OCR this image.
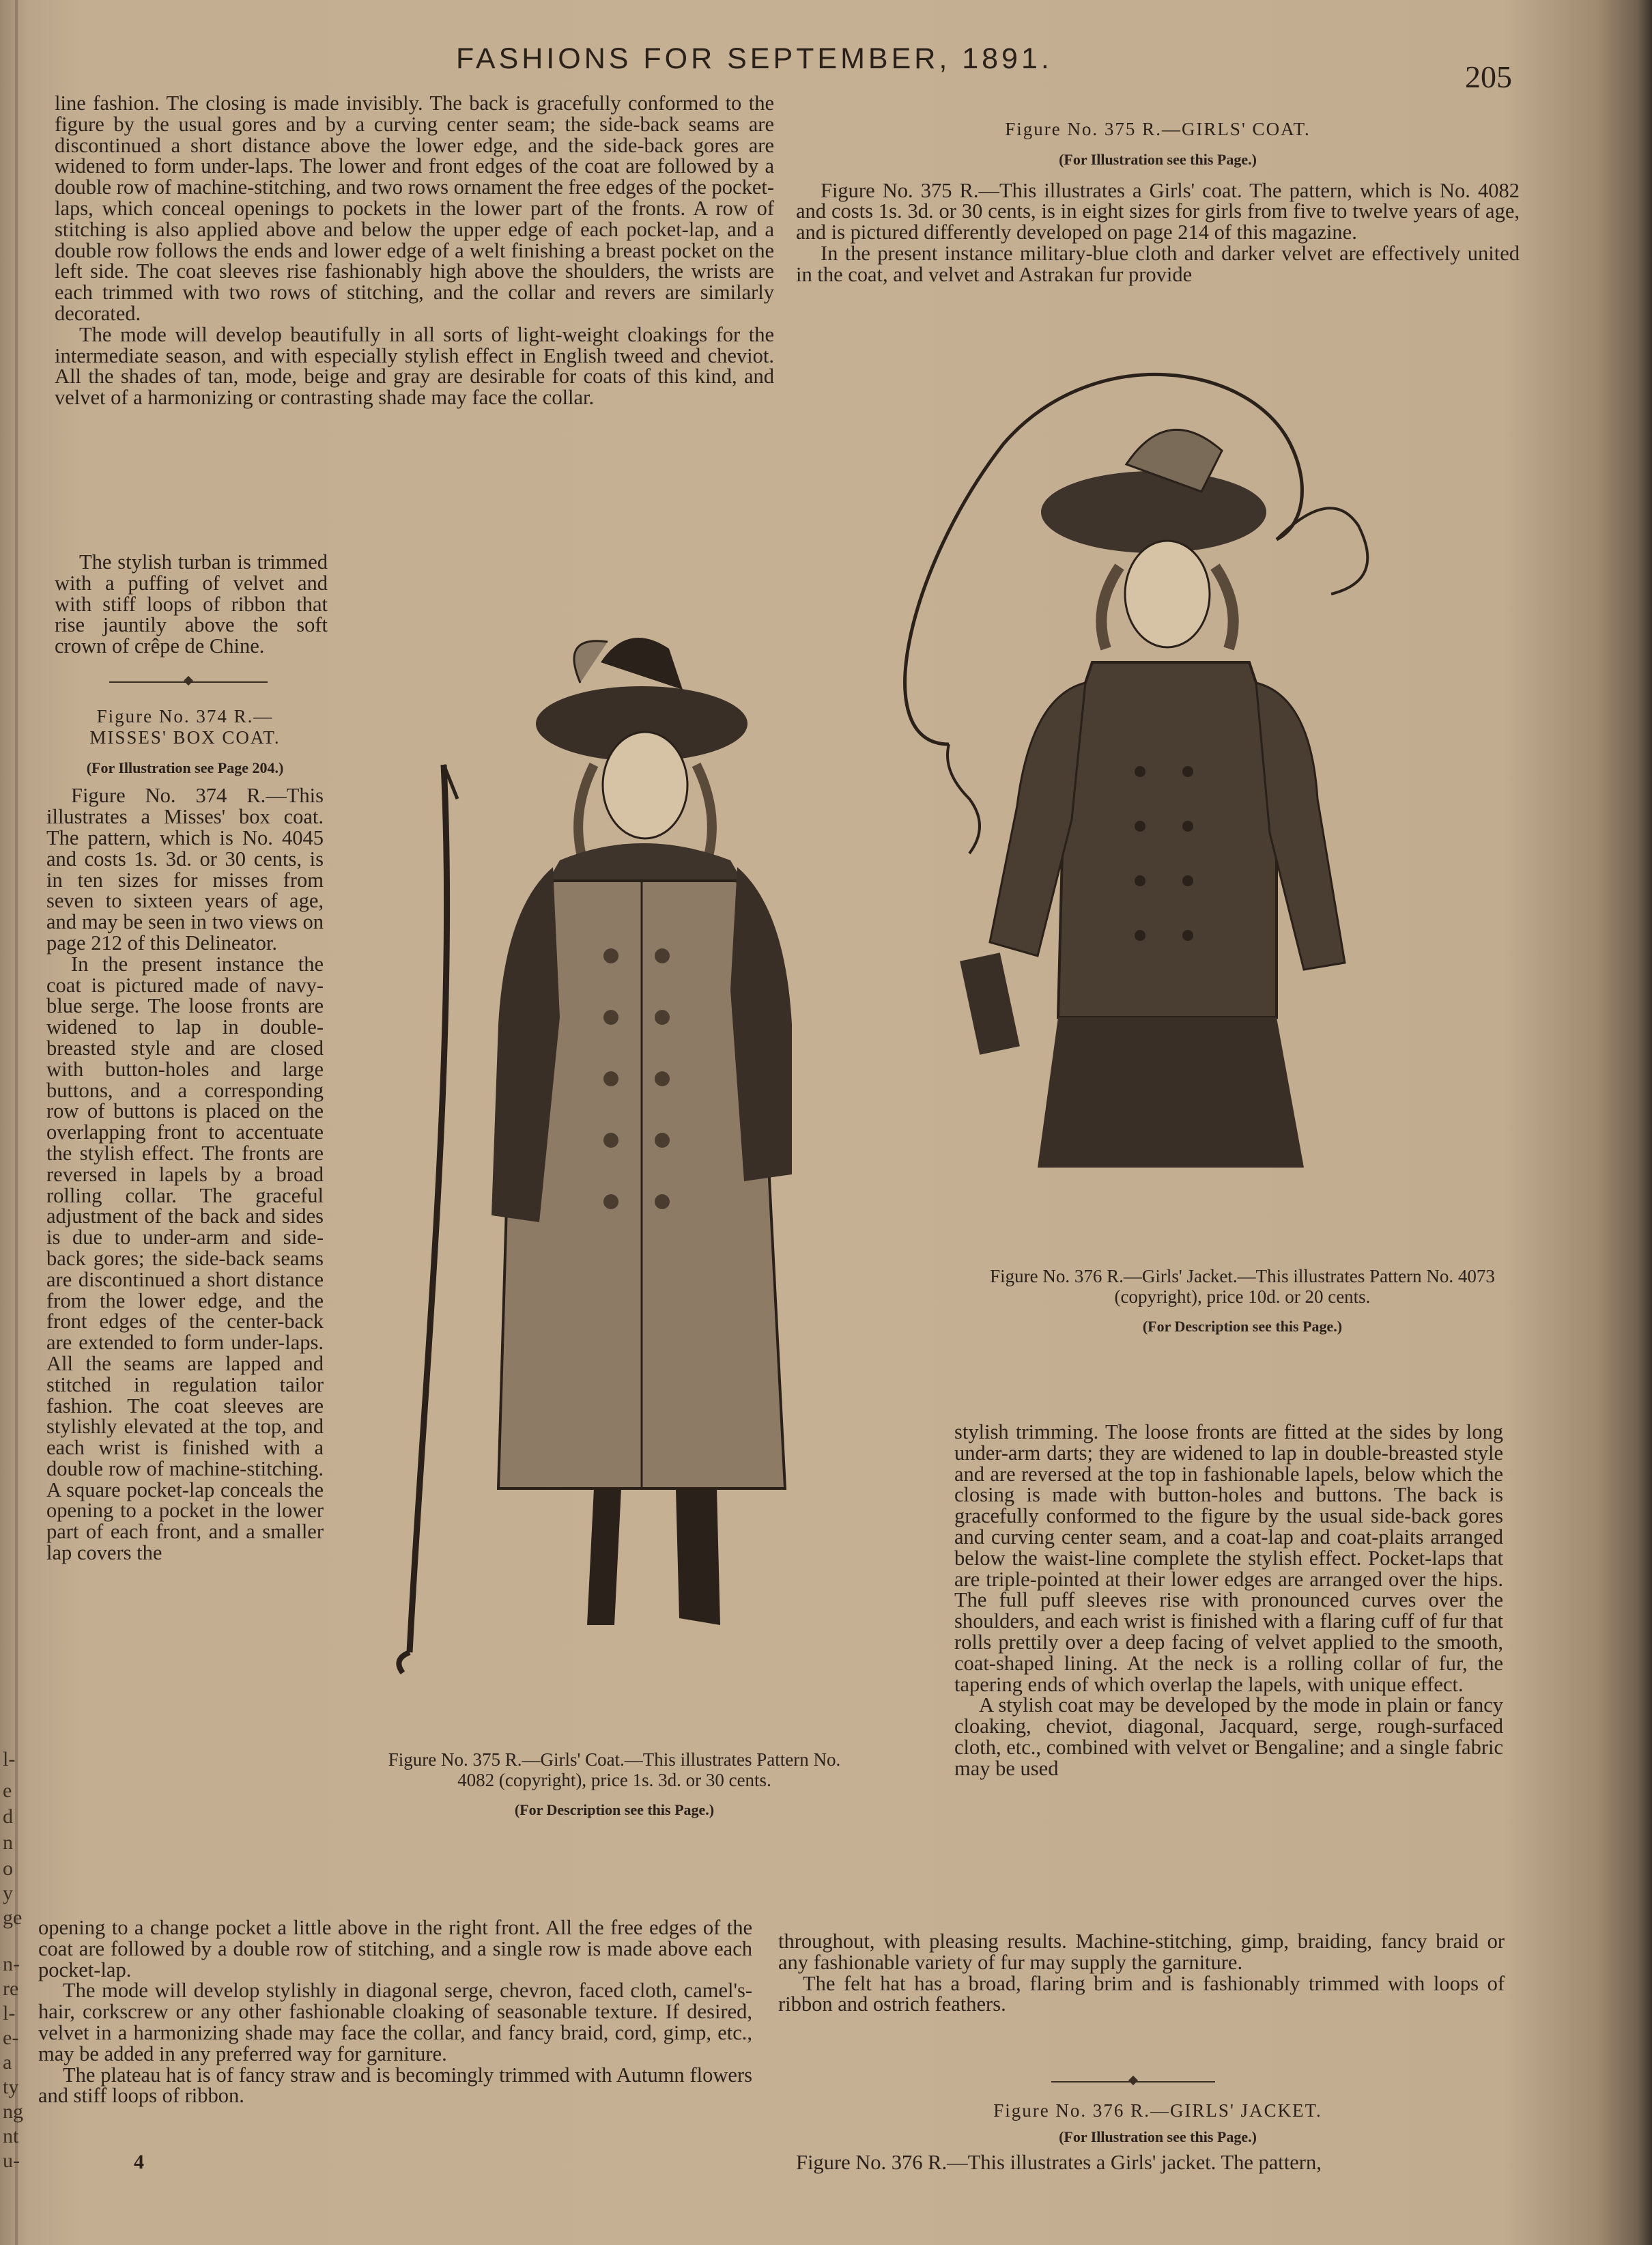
l-
e
d
n
o
y
ge
n-
re
l-
e-
a
ty
ng
nt
u-
FASHIONS FOR SEPTEMBER, 1891.
205

line fashion. The closing is made invisibly. The back is gracefully conformed to the figure by the usual gores and by a curving center seam; the side-back seams are discontinued a short distance above the lower edge, and the side-back gores are widened to form under-laps. The lower and front edges of the coat are followed by a double row of machine-stitching, and two rows ornament the free edges of the pocket-laps, which conceal openings to pockets in the lower part of the fronts. A row of stitching is also applied above and below the upper edge of each pocket-lap, and a double row follows the ends and lower edge of a welt finishing a breast pocket on the left side. The coat sleeves rise fashionably high above the shoulders, the wrists are each trimmed with two rows of stitching, and the collar and revers are similarly decorated.

The mode will develop beautifully in all sorts of light-weight cloakings for the intermediate season, and with especially stylish effect in English tweed and cheviot. All the shades of tan, mode, beige and gray are desirable for coats of this kind, and velvet of a harmonizing or contrasting shade may face the collar.

The stylish turban is trimmed with a puffing of velvet and with stiff loops of ribbon that rise jauntily above the soft crown of crêpe de Chine.

Figure No. 374 R.—
MISSES' BOX COAT.
(For Illustration see Page 204.)

Figure No. 374 R.—This illustrates a Misses' box coat. The pattern, which is No. 4045 and costs 1s. 3d. or 30 cents, is in ten sizes for misses from seven to sixteen years of age, and may be seen in two views on page 212 of this Delineator.

In the present instance the coat is pictured made of navy-blue serge. The loose fronts are widened to lap in double-breasted style and are closed with button-holes and large buttons, and a corresponding row of buttons is placed on the overlapping front to accentuate the stylish effect. The fronts are reversed in lapels by a broad rolling collar. The graceful adjustment of the back and sides is due to under-arm and side-back gores; the side-back seams are discontinued a short distance from the lower edge, and the front edges of the center-back are extended to form under-laps. All the seams are lapped and stitched in regulation tailor fashion. The coat sleeves are stylishly elevated at the top, and each wrist is finished with a double row of machine-stitching. A square pocket-lap conceals the opening to a pocket in the lower part of each front, and a smaller lap covers the

opening to a change pocket a little above in the right front. All the free edges of the coat are followed by a double row of stitching, and a single row is made above each pocket-lap.

The mode will develop stylishly in diagonal serge, chevron, faced cloth, camel's-hair, corkscrew or any other fashionable cloaking of seasonable texture. If desired, velvet in a harmonizing shade may face the collar, and fancy braid, cord, gimp, etc., may be added in any preferred way for garniture.

The plateau hat is of fancy straw and is becomingly trimmed with Autumn flowers and stiff loops of ribbon.

4
Figure No. 375 R.—GIRLS' COAT.
(For Illustration see this Page.)

Figure No. 375 R.—This illustrates a Girls' coat. The pattern, which is No. 4082 and costs 1s. 3d. or 30 cents, is in eight sizes for girls from five to twelve years of age, and is pictured differently developed on page 214 of this magazine.

In the present instance military-blue cloth and darker velvet are effectively united in the coat, and velvet and Astrakan fur provide

Figure No. 376 R.—Girls' Jacket.—This illustrates Pattern No. 4073 (copyright), price 10d. or 20 cents.
(For Description see this Page.)
Figure No. 375 R.—Girls' Coat.—This illustrates Pattern No. 4082 (copyright), price 1s. 3d. or 30 cents.
(For Description see this Page.)

stylish trimming. The loose fronts are fitted at the sides by long under-arm darts; they are widened to lap in double-breasted style and are reversed at the top in fashionable lapels, below which the closing is made with button-holes and buttons. The back is gracefully conformed to the figure by the usual side-back gores and curving center seam, and a coat-lap and coat-plaits arranged below the waist-line complete the stylish effect. Pocket-laps that are triple-pointed at their lower edges are arranged over the hips. The full puff sleeves rise with pronounced curves over the shoulders, and each wrist is finished with a flaring cuff of fur that rolls prettily over a deep facing of velvet applied to the smooth, coat-shaped lining. At the neck is a rolling collar of fur, the tapering ends of which overlap the lapels, with unique effect.

A stylish coat may be developed by the mode in plain or fancy cloaking, cheviot, diagonal, Jacquard, serge, rough-surfaced cloth, etc., combined with velvet or Bengaline; and a single fabric may be used

throughout, with pleasing results. Machine-stitching, gimp, braiding, fancy braid or any fashionable variety of fur may supply the garniture.

The felt hat has a broad, flaring brim and is fashionably trimmed with loops of ribbon and ostrich feathers.

Figure No. 376 R.—GIRLS' JACKET.
(For Illustration see this Page.)

Figure No. 376 R.—This illustrates a Girls' jacket. The pattern,
